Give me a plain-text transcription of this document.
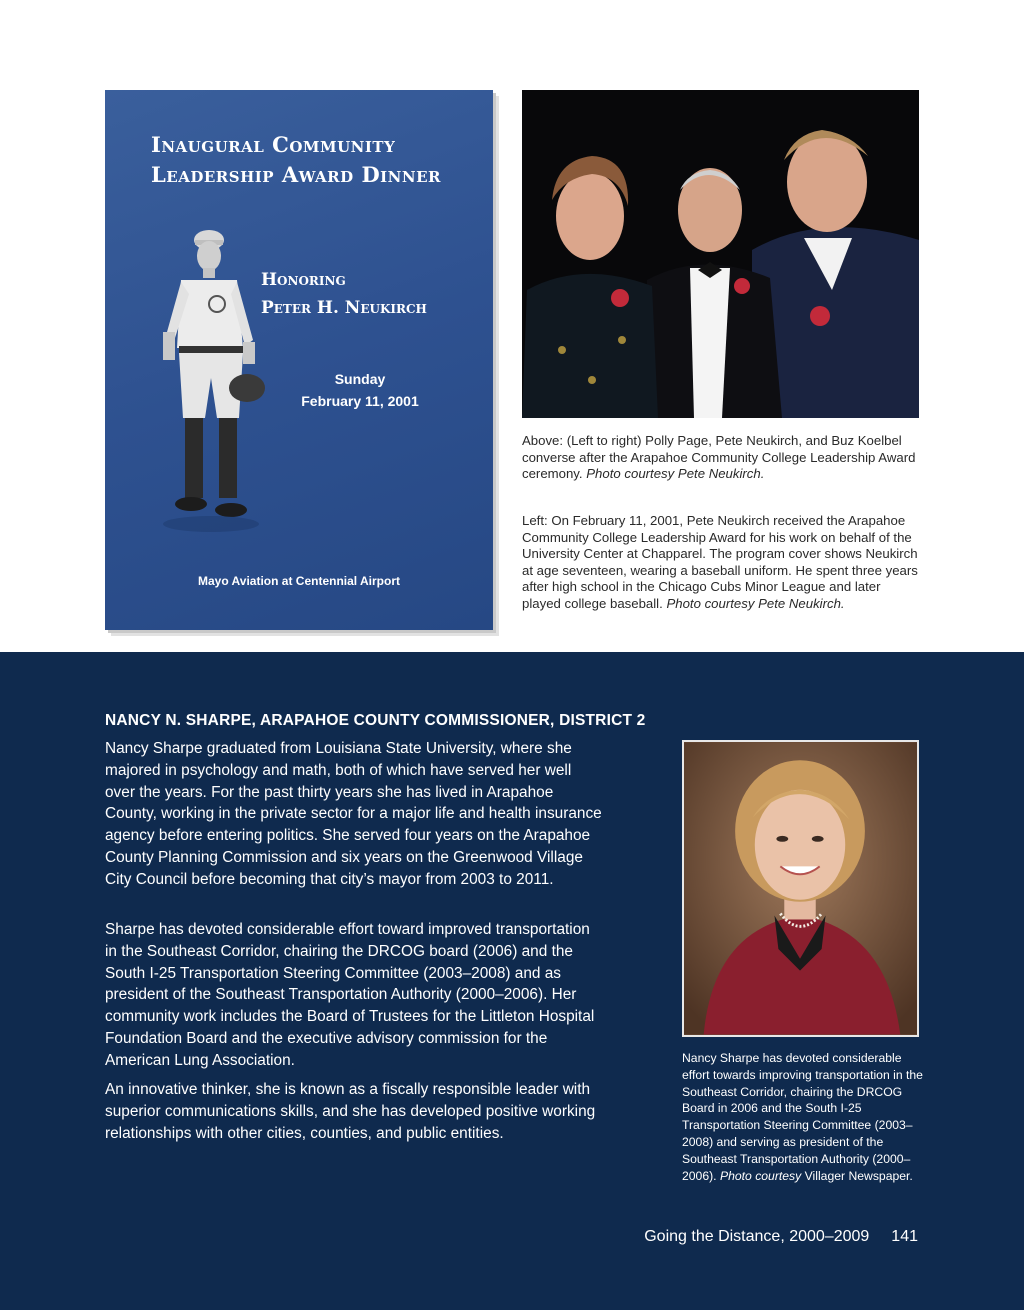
Inaugural Community
Leadership Award Dinner
Honoring
Peter H. Neukirch
Sunday
February 11, 2001
Mayo Aviation at Centennial Airport
Above: (Left to right) Polly Page, Pete Neukirch, and Buz Koelbel converse after the Arapahoe Community College Leadership Award ceremony. Photo courtesy Pete Neukirch.
Left: On February 11, 2001, Pete Neukirch received the Arapahoe Community College Leadership Award for his work on behalf of the University Center at Chapparel. The program cover shows Neukirch at age seventeen, wearing a baseball uniform. He spent three years after high school in the Chicago Cubs Minor League and later played college baseball. Photo courtesy Pete Neukirch.
NANCY N. SHARPE, ARAPAHOE COUNTY COMMISSIONER, DISTRICT 2

Nancy Sharpe graduated from Louisiana State University, where she majored in psychology and math, both of which have served her well over the years. For the past thirty years she has lived in Arapahoe County, working in the private sector for a major life and health insurance agency before entering politics. She served four years on the Arapahoe County Planning Commission and six years on the Greenwood Village City Council before becoming that city’s mayor from 2003 to 2011.

Sharpe has devoted considerable effort toward improved transportation in the Southeast Corridor, chairing the DRCOG board (2006) and the South I-25 Transportation Steering Committee (2003–2008) and as president of the Southeast Transportation Authority (2000–2006). Her community work includes the Board of Trustees for the Littleton Hospital Foundation Board and the executive advisory commission for the American Lung Association.

An innovative thinker, she is known as a fiscally responsible leader with superior communications skills, and she has developed positive working relationships with other cities, counties, and public entities.

Nancy Sharpe has devoted considerable effort towards improving transportation in the Southeast Corridor, chairing the DRCOG Board in 2006 and the South I-25 Transportation Steering Committee (2003–2008) and serving as president of the Southeast Transportation Authority (2000–2006). Photo courtesy Villager Newspaper.
Going the Distance, 2000–2009 141
